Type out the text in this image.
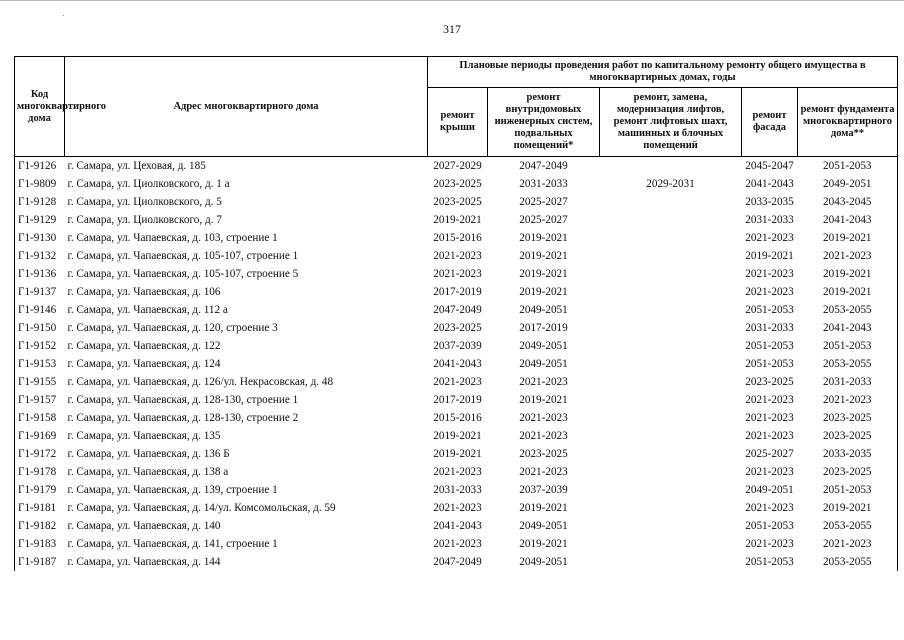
317
Код многоквартирного дома	Адрес многоквартирного дома	Плановые периоды проведения работ по капитальному ремонту общего имущества в многоквартирных домах, годы				
		ремонт крыши	ремонт внутридомовых инженерных систем, подвальных помещений*	ремонт, замена, модернизация лифтов, ремонт лифтовых шахт, машинных и блочных помещений	ремонт фасада	ремонт фундамента многоквартирного дома**
Г1-9126	г. Самара, ул. Цеховая, д. 185	2027-2029	2047-2049		2045-2047	2051-2053
Г1-9809	г. Самара, ул. Циолковского, д. 1 а	2023-2025	2031-2033	2029-2031	2041-2043	2049-2051
Г1-9128	г. Самара, ул. Циолковского, д. 5	2023-2025	2025-2027		2033-2035	2043-2045
Г1-9129	г. Самара, ул. Циолковского, д. 7	2019-2021	2025-2027		2031-2033	2041-2043
Г1-9130	г. Самара, ул. Чапаевская, д. 103, строение 1	2015-2016	2019-2021		2021-2023	2019-2021
Г1-9132	г. Самара, ул. Чапаевская, д. 105-107, строение 1	2021-2023	2019-2021		2019-2021	2021-2023
Г1-9136	г. Самара, ул. Чапаевская, д. 105-107, строение 5	2021-2023	2019-2021		2021-2023	2019-2021
Г1-9137	г. Самара, ул. Чапаевская, д. 106	2017-2019	2019-2021		2021-2023	2019-2021
Г1-9146	г. Самара, ул. Чапаевская, д. 112 а	2047-2049	2049-2051		2051-2053	2053-2055
Г1-9150	г. Самара, ул. Чапаевская, д. 120, строение 3	2023-2025	2017-2019		2031-2033	2041-2043
Г1-9152	г. Самара, ул. Чапаевская, д. 122	2037-2039	2049-2051		2051-2053	2051-2053
Г1-9153	г. Самара, ул. Чапаевская, д. 124	2041-2043	2049-2051		2051-2053	2053-2055
Г1-9155	г. Самара, ул. Чапаевская, д. 126/ул. Некрасовская, д. 48	2021-2023	2021-2023		2023-2025	2031-2033
Г1-9157	г. Самара, ул. Чапаевская, д. 128-130, строение 1	2017-2019	2019-2021		2021-2023	2021-2023
Г1-9158	г. Самара, ул. Чапаевская, д. 128-130, строение 2	2015-2016	2021-2023		2021-2023	2023-2025
Г1-9169	г. Самара, ул. Чапаевская, д. 135	2019-2021	2021-2023		2021-2023	2023-2025
Г1-9172	г. Самара, ул. Чапаевская, д. 136 Б	2019-2021	2023-2025		2025-2027	2033-2035
Г1-9178	г. Самара, ул. Чапаевская, д. 138 а	2021-2023	2021-2023		2021-2023	2023-2025
Г1-9179	г. Самара, ул. Чапаевская, д. 139, строение 1	2031-2033	2037-2039		2049-2051	2051-2053
Г1-9181	г. Самара, ул. Чапаевская, д. 14/ул. Комсомольская, д. 59	2021-2023	2019-2021		2021-2023	2019-2021
Г1-9182	г. Самара, ул. Чапаевская, д. 140	2041-2043	2049-2051		2051-2053	2053-2055
Г1-9183	г. Самара, ул. Чапаевская, д. 141, строение 1	2021-2023	2019-2021		2021-2023	2021-2023
Г1-9187	г. Самара, ул. Чапаевская, д. 144	2047-2049	2049-2051		2051-2053	2053-2055
